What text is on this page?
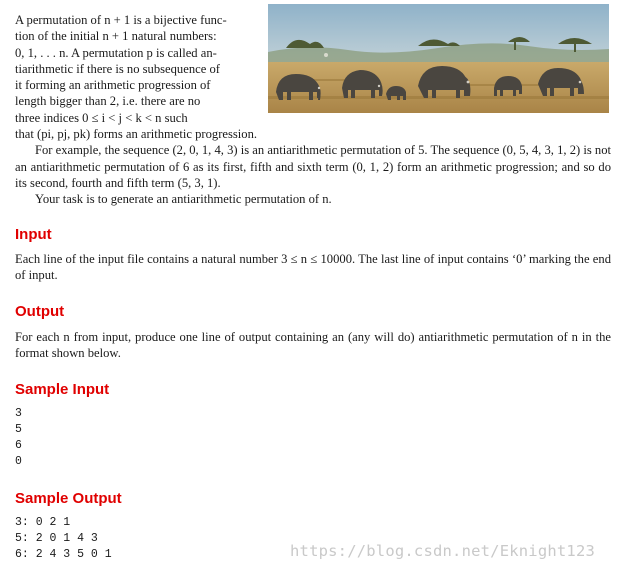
A permutation of n + 1 is a bijective func-
tion of the initial n + 1 natural numbers:
0, 1, . . . n. A permutation p is called an-
tiarithmetic if there is no subsequence of
it forming an arithmetic progression of
length bigger than 2, i.e. there are no
three indices 0 ≤ i < j < k < n such

that (pi, pj, pk) forms an arithmetic progression.

For example, the sequence (2, 0, 1, 4, 3) is an antiarithmetic permutation of 5. The sequence (0, 5, 4, 3, 1, 2) is not an antiarithmetic permutation of 6 as its first, fifth and sixth term (0, 1, 2) form an arithmetic progression; and so do its second, fourth and fifth term (5, 3, 1).

Your task is to generate an antiarithmetic permutation of n.

Input

Each line of the input file contains a natural number 3 ≤ n ≤ 10000. The last line of input contains ‘0’ marking the end of input.

Output

For each n from input, produce one line of output containing an (any will do) antiarithmetic permutation of n in the format shown below.

Sample Input
3
5
6
0
Sample Output
3: 0 2 1
5: 2 0 1 4 3
6: 2 4 3 5 0 1	https://blog.csdn.net/Eknight123
